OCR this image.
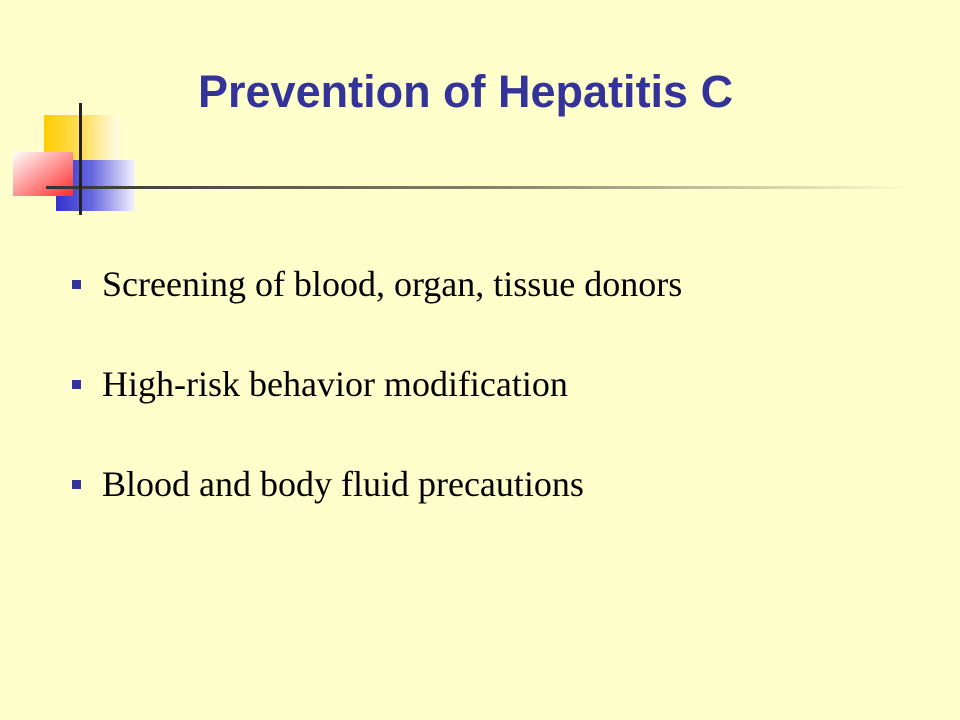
Prevention of Hepatitis C
Screening of blood, organ, tissue donors
High-risk behavior modification
Blood and body fluid precautions
